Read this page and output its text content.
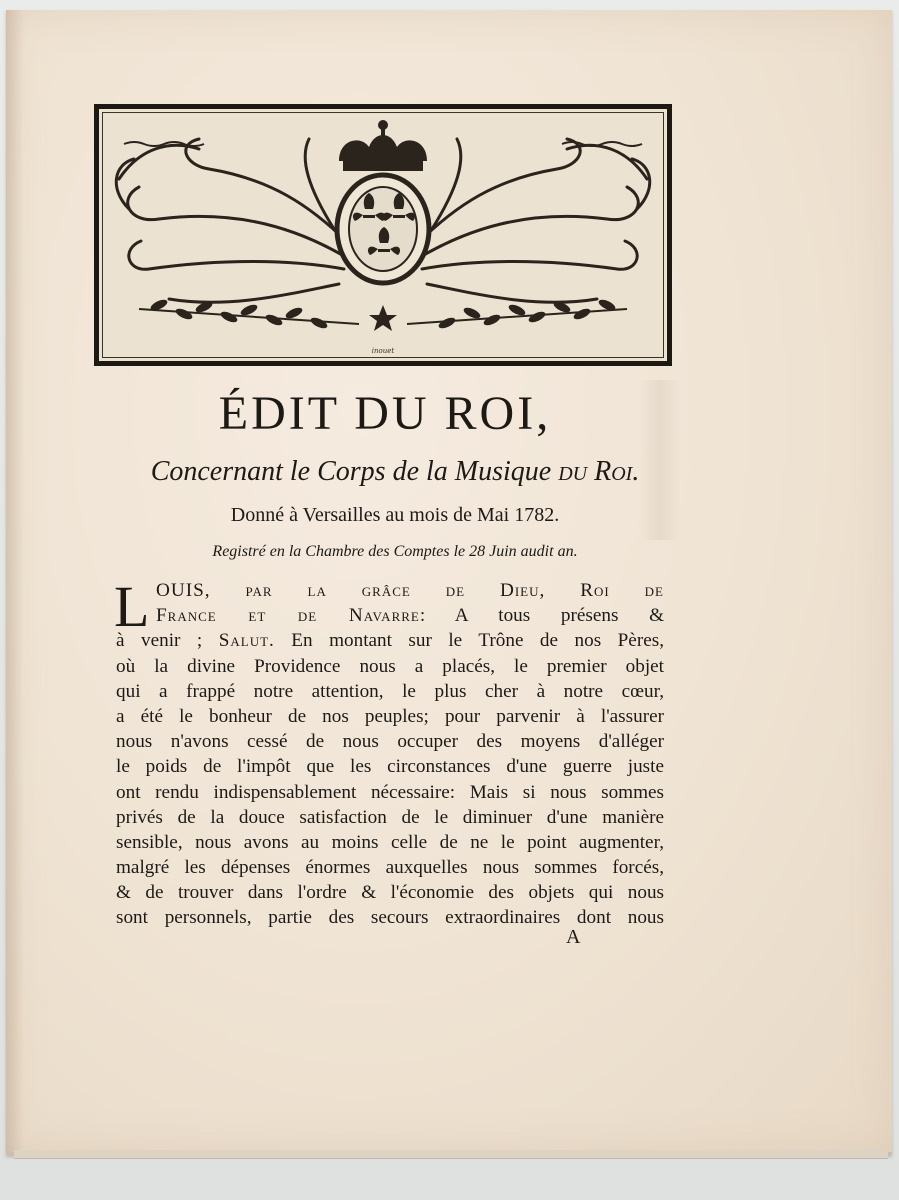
inouet
ÉDIT DU ROI,
Concernant le Corps de la Musique du Roi.
Donné à Versailles au mois de Mai 1782.
Registré en la Chambre des Comptes le 28 Juin audit an.
L OUIS, par la grâce de Dieu, Roi de
France et de Navarre: A tous présens &
à venir ; Salut. En montant sur le Trône de nos Pères,
où la divine Providence nous a placés, le premier objet
qui a frappé notre attention, le plus cher à notre cœur,
a été le bonheur de nos peuples; pour parvenir à l'assurer
nous n'avons cessé de nous occuper des moyens d'alléger
le poids de l'impôt que les circonstances d'une guerre juste
ont rendu indispensablement nécessaire: Mais si nous sommes
privés de la douce satisfaction de le diminuer d'une manière
sensible, nous avons au moins celle de ne le point augmenter,
malgré les dépenses énormes auxquelles nous sommes forcés,
& de trouver dans l'ordre & l'économie des objets qui nous
sont personnels, partie des secours extraordinaires dont nous
A
